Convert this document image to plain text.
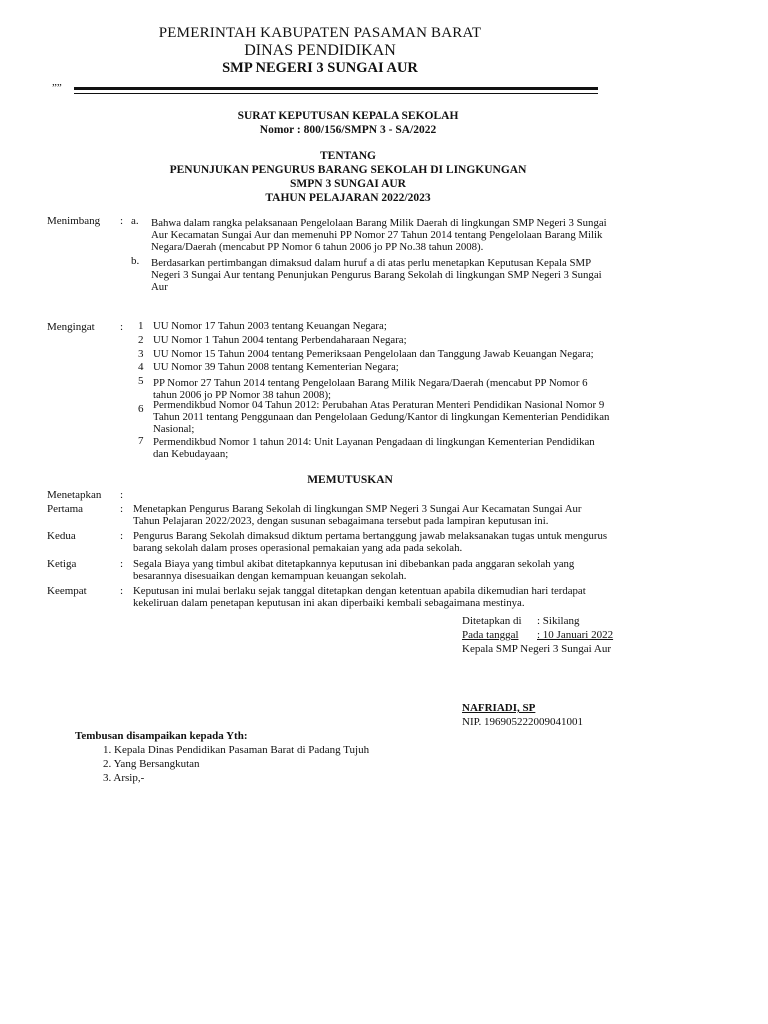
PEMERINTAH KABUPATEN PASAMAN BARAT
DINAS PENDIDIKAN
SMP NEGERI 3 SUNGAI AUR
””
SURAT KEPUTUSAN KEPALA SEKOLAH
Nomor : 800/156/SMPN 3 - SA/2022
TENTANG
PENUNJUKAN PENGURUS BARANG SEKOLAH DI LINGKUNGAN
SMPN 3 SUNGAI AUR
TAHUN PELAJARAN 2022/2023
Menimbang : a. Bahwa dalam rangka pelaksanaan Pengelolaan Barang Milik Daerah di lingkungan SMP Negeri 3 Sungai
Aur Kecamatan Sungai Aur dan memenuhi PP Nomor 27 Tahun 2014 tentang Pengelolaan Barang Milik
Negara/Daerah (mencabut PP Nomor 6 tahun 2006 jo PP No.38 tahun 2008).
b. Berdasarkan pertimbangan dimaksud dalam huruf a di atas perlu menetapkan Keputusan Kepala SMP
Negeri 3 Sungai Aur tentang Penunjukan Pengurus Barang Sekolah di lingkungan SMP Negeri 3 Sungai
Aur
Mengingat : 1 UU Nomor 17 Tahun 2003 tentang Keuangan Negara;
2 UU Nomor 1 Tahun 2004 tentang Perbendaharaan Negara;
3 UU Nomor 15 Tahun 2004 tentang Pemeriksaan Pengelolaan dan Tanggung Jawab Keuangan Negara;
4 UU Nomor 39 Tahun 2008 tentang Kementerian Negara;
5 PP Nomor 27 Tahun 2014 tentang Pengelolaan Barang Milik Negara/Daerah (mencabut PP Nomor 6
tahun 2006 jo PP Nomor 38 tahun 2008);
6 Permendikbud Nomor 04 Tahun 2012: Perubahan Atas Peraturan Menteri Pendidikan Nasional Nomor 9
Tahun 2011 tentang Penggunaan dan Pengelolaan Gedung/Kantor di lingkungan Kementerian Pendidikan
Nasional;
7 Permendikbud Nomor 1 tahun 2014: Unit Layanan Pengadaan di lingkungan Kementerian Pendidikan
dan Kebudayaan;
MEMUTUSKAN
Menetapkan :
Pertama	: Menetapkan Pengurus Barang Sekolah di lingkungan SMP Negeri 3 Sungai Aur Kecamatan Sungai Aur
Tahun Pelajaran 2022/2023, dengan susunan sebagaimana tersebut pada lampiran keputusan ini.
Kedua	: Pengurus Barang Sekolah dimaksud diktum pertama bertanggung jawab melaksanakan tugas untuk mengurus
barang sekolah dalam proses operasional pemakaian yang ada pada sekolah.
Ketiga	: Segala Biaya yang timbul akibat ditetapkannya keputusan ini dibebankan pada anggaran sekolah yang
besarannya disesuaikan dengan kemampuan keuangan sekolah.
Keempat	: Keputusan ini mulai berlaku sejak tanggal ditetapkan dengan ketentuan apabila dikemudian hari terdapat
kekeliruan dalam penetapan keputusan ini akan diperbaiki kembali sebagaimana mestinya.
Ditetapkan di : Sikilang
Pada tanggal : 10 Januari 2022
Kepala SMP Negeri 3 Sungai Aur
NAFRIADI, SP
NIP. 196905222009041001
Tembusan disampaikan kepada Yth:
1. Kepala Dinas Pendidikan Pasaman Barat di Padang Tujuh
2. Yang Bersangkutan
3. Arsip,-
